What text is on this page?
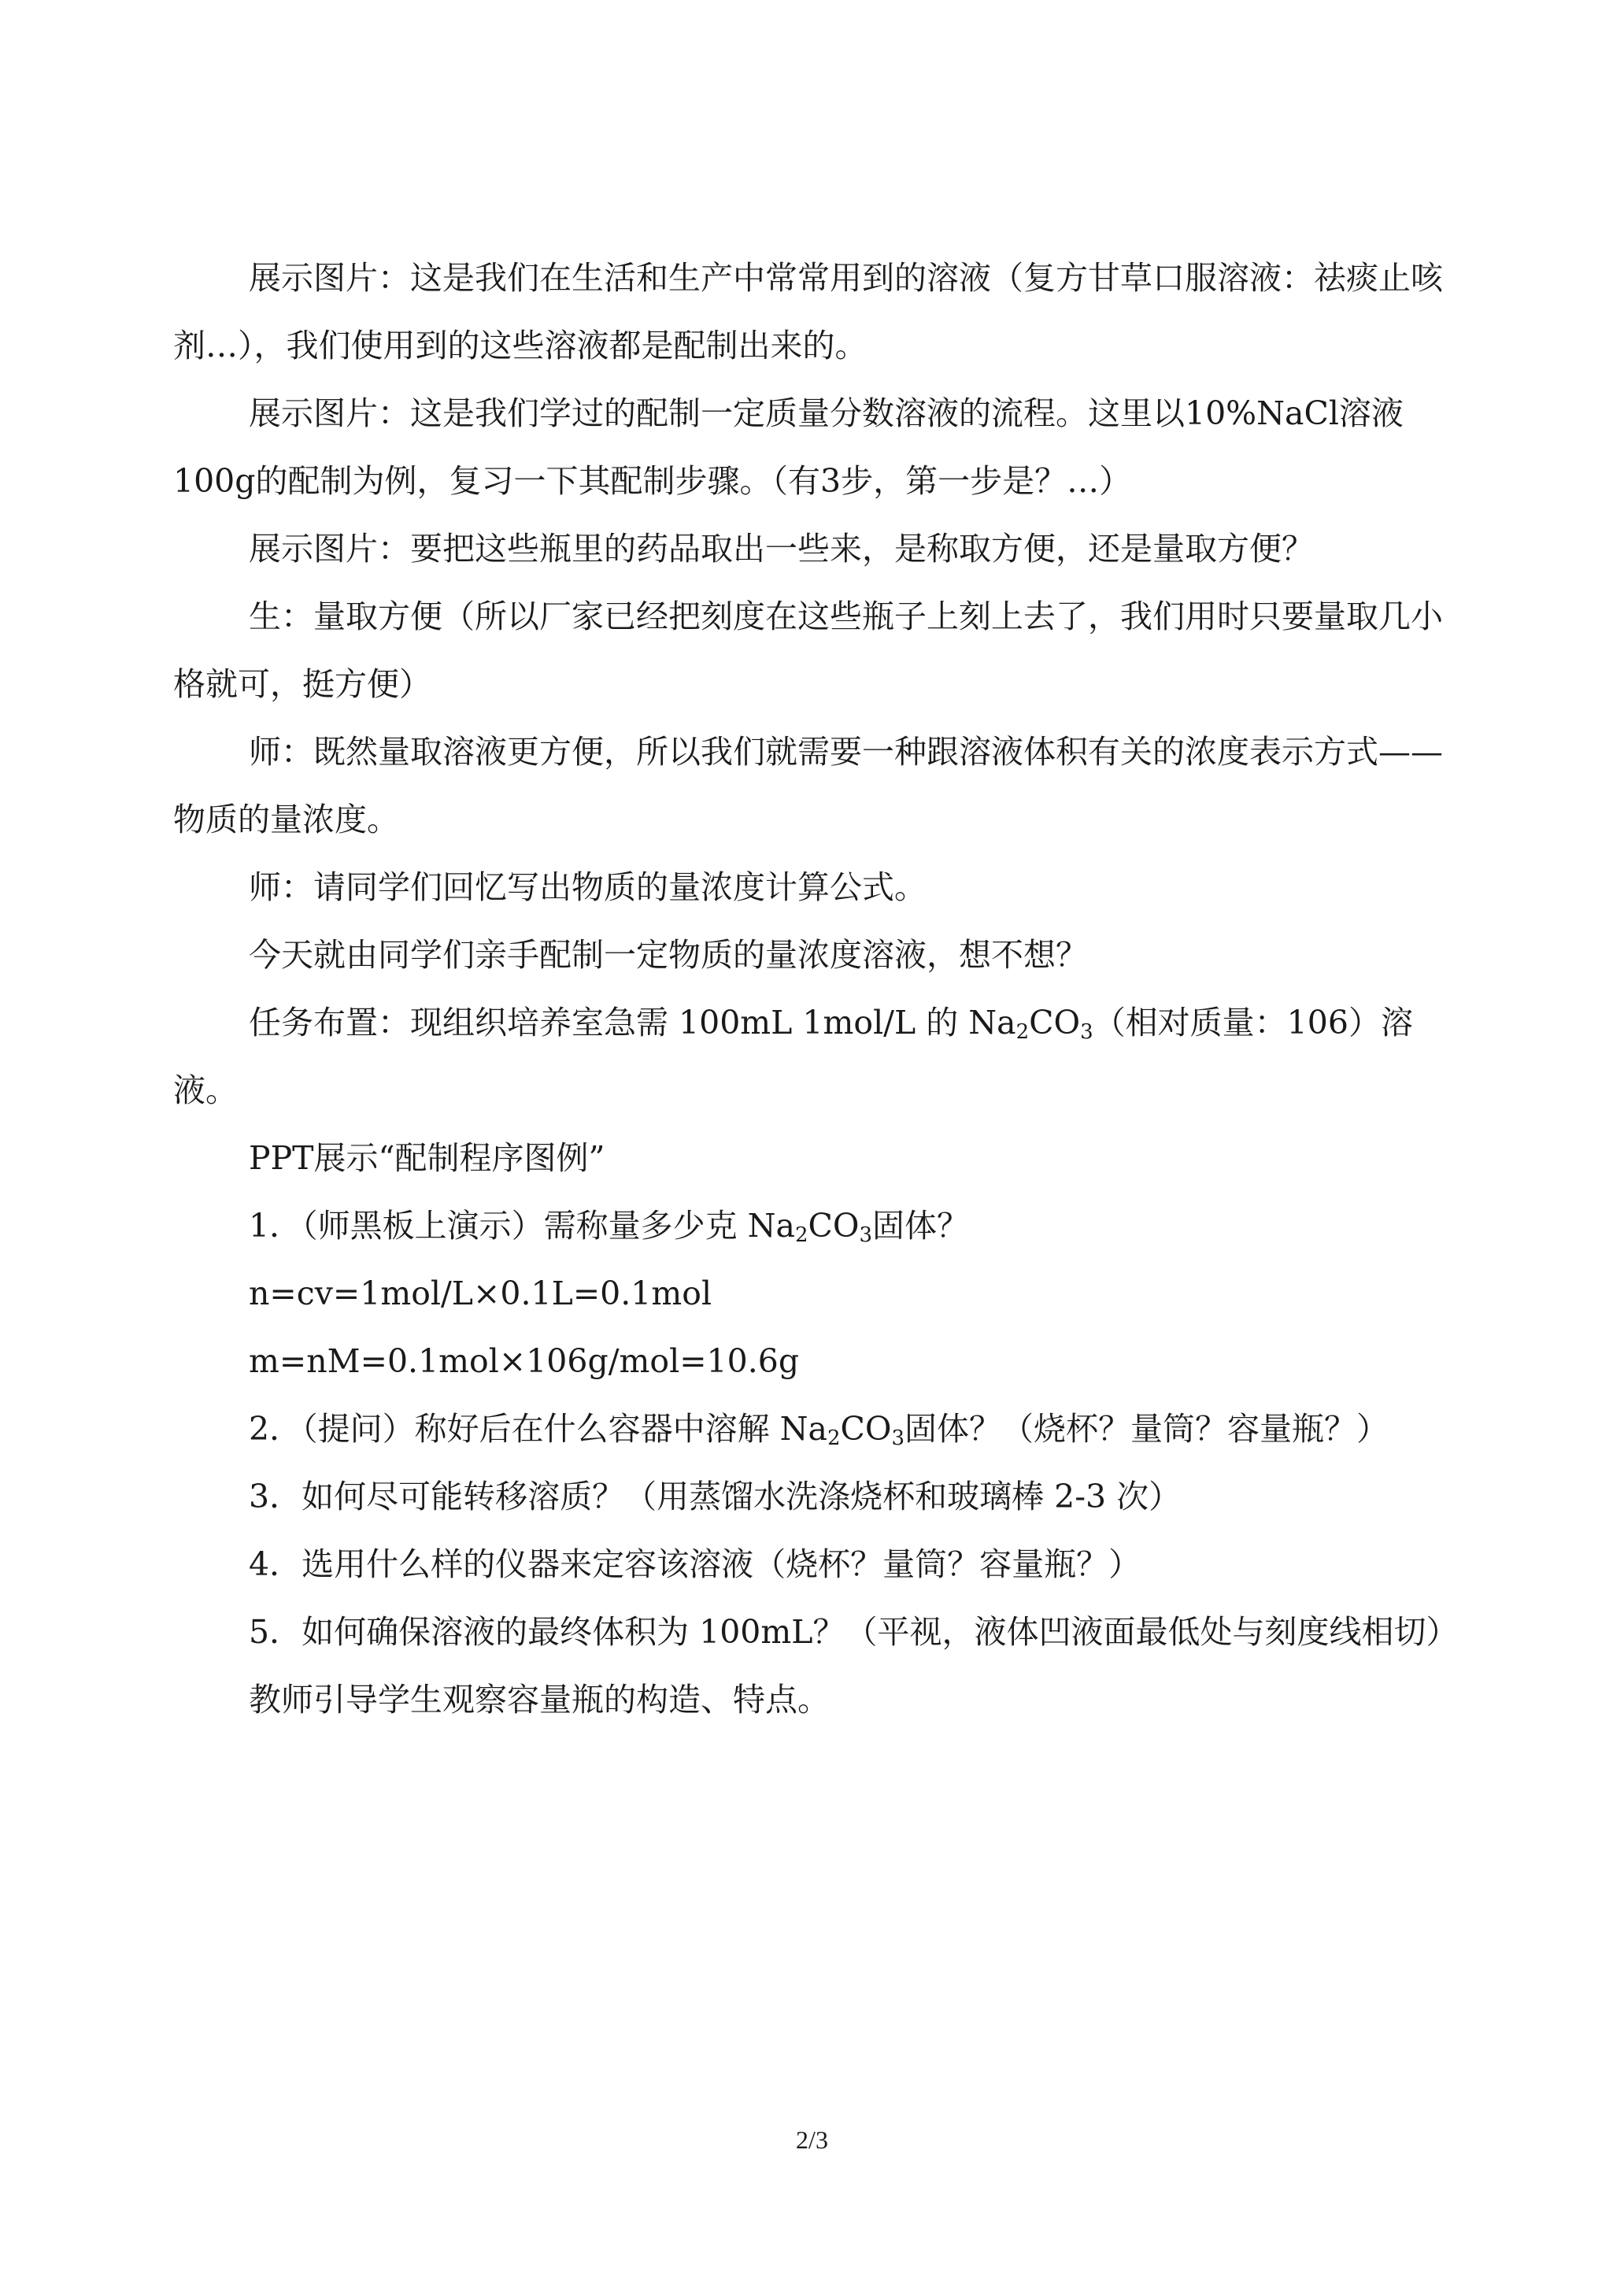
展示图片：这是我们在生活和生产中常常用到的溶液（复方甘草口服溶液：祛痰止咳剂…），我们使用到的这些溶液都是配制出来的。

展示图片：这是我们学过的配制一定质量分数溶液的流程。这里以10%NaCl溶液100g的配制为例，复习一下其配制步骤。（有3步，第一步是？…）

展示图片：要把这些瓶里的药品取出一些来，是称取方便，还是量取方便？

生：量取方便（所以厂家已经把刻度在这些瓶子上刻上去了，我们用时只要量取几小格就可，挺方便）

师：既然量取溶液更方便，所以我们就需要一种跟溶液体积有关的浓度表示方式——物质的量浓度。

师：请同学们回忆写出物质的量浓度计算公式。

今天就由同学们亲手配制一定物质的量浓度溶液，想不想？

任务布置：现组织培养室急需 100mL 1mol/L 的 $Na_2CO_3$（相对质量：106）溶液。

PPT展示“配制程序图例”

1．（师黑板上演示）需称量多少克 $Na_2CO_3$固体？

n=cv=1mol/L×0.1L=0.1mol

m=nM=0.1mol×106g/mol=10.6g

2．（提问）称好后在什么容器中溶解 $Na_2CO_3$固体？（烧杯？量筒？容量瓶？）

3．如何尽可能转移溶质？（用蒸馏水洗涤烧杯和玻璃棒 2-3 次）

4．选用什么样的仪器来定容该溶液（烧杯？量筒？容量瓶？）

5．如何确保溶液的最终体积为 100mL？（平视，液体凹液面最低处与刻度线相切）

教师引导学生观察容量瓶的构造、特点。

2/3
